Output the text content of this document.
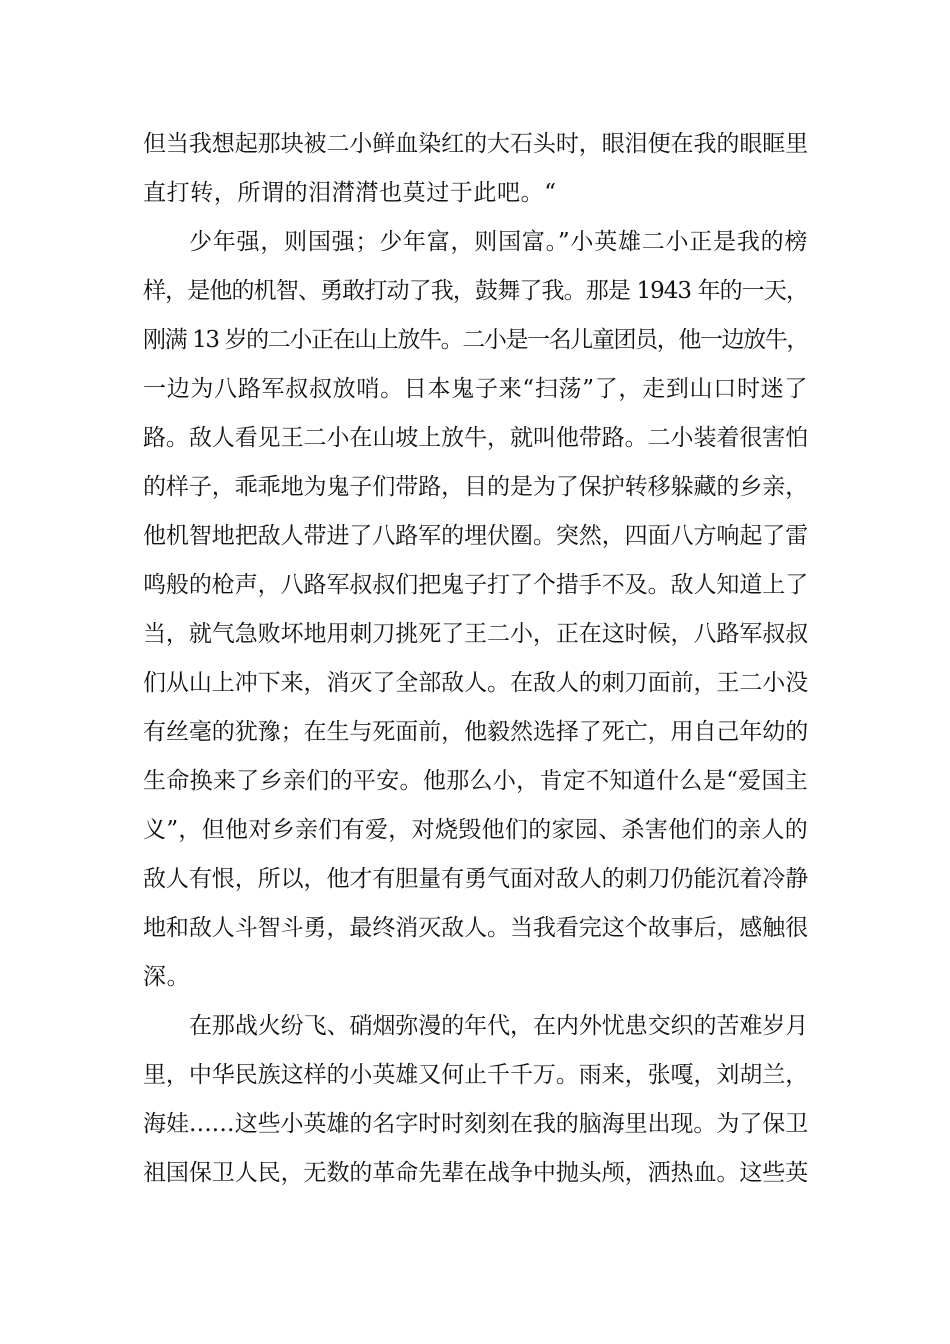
但当我想起那块被二小鲜血染红的大石头时，眼泪便在我的眼眶里
直打转，所谓的泪潸潸也莫过于此吧。“
少年强，则国强；少年富，则国富。”小英雄二小正是我的榜
样，是他的机智、勇敢打动了我，鼓舞了我。那是 1943 年的一天，
刚满 13 岁的二小正在山上放牛。二小是一名儿童团员，他一边放牛，
一边为八路军叔叔放哨。日本鬼子来“扫荡”了，走到山口时迷了
路。敌人看见王二小在山坡上放牛，就叫他带路。二小装着很害怕
的样子，乖乖地为鬼子们带路，目的是为了保护转移躲藏的乡亲，
他机智地把敌人带进了八路军的埋伏圈。突然，四面八方响起了雷
鸣般的枪声，八路军叔叔们把鬼子打了个措手不及。敌人知道上了
当，就气急败坏地用刺刀挑死了王二小，正在这时候，八路军叔叔
们从山上冲下来，消灭了全部敌人。在敌人的刺刀面前，王二小没
有丝毫的犹豫；在生与死面前，他毅然选择了死亡，用自己年幼的
生命换来了乡亲们的平安。他那么小，肯定不知道什么是“爱国主
义”，但他对乡亲们有爱，对烧毁他们的家园、杀害他们的亲人的
敌人有恨，所以，他才有胆量有勇气面对敌人的刺刀仍能沉着冷静
地和敌人斗智斗勇，最终消灭敌人。当我看完这个故事后，感触很
深。
在那战火纷飞、硝烟弥漫的年代，在内外忧患交织的苦难岁月
里，中华民族这样的小英雄又何止千千万。雨来，张嘎，刘胡兰，
海娃……这些小英雄的名字时时刻刻在我的脑海里出现。为了保卫
祖国保卫人民，无数的革命先辈在战争中抛头颅，洒热血。这些英
